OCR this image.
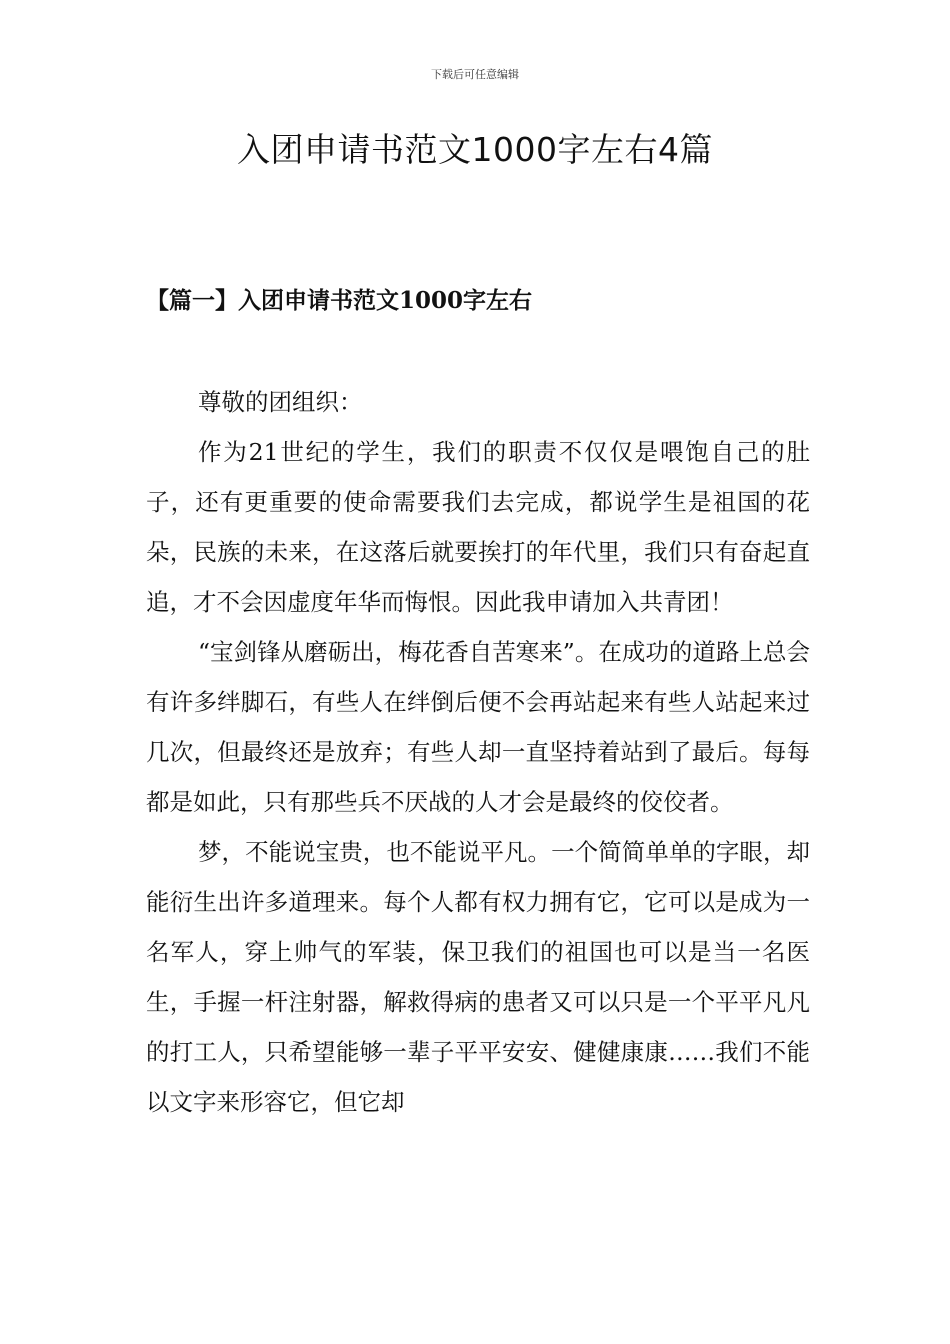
下载后可任意编辑
入团申请书范文1000字左右4篇
【篇一】入团申请书范文1000字左右

尊敬的团组织：

作为21世纪的学生，我们的职责不仅仅是喂饱自己的肚子，还有更重要的使命需要我们去完成，都说学生是祖国的花朵，民族的未来，在这落后就要挨打的年代里，我们只有奋起直追，才不会因虚度年华而悔恨。因此我申请加入共青团！

“宝剑锋从磨砺出，梅花香自苦寒来”。在成功的道路上总会有许多绊脚石，有些人在绊倒后便不会再站起来有些人站起来过几次，但最终还是放弃；有些人却一直坚持着站到了最后。每每都是如此，只有那些兵不厌战的人才会是最终的佼佼者。

梦，不能说宝贵，也不能说平凡。一个简简单单的字眼，却能衍生出许多道理来。每个人都有权力拥有它，它可以是成为一名军人，穿上帅气的军装，保卫我们的祖国也可以是当一名医生，手握一杆注射器，解救得病的患者又可以只是一个平平凡凡的打工人，只希望能够一辈子平平安安、健健康康……我们不能以文字来形容它，但它却
